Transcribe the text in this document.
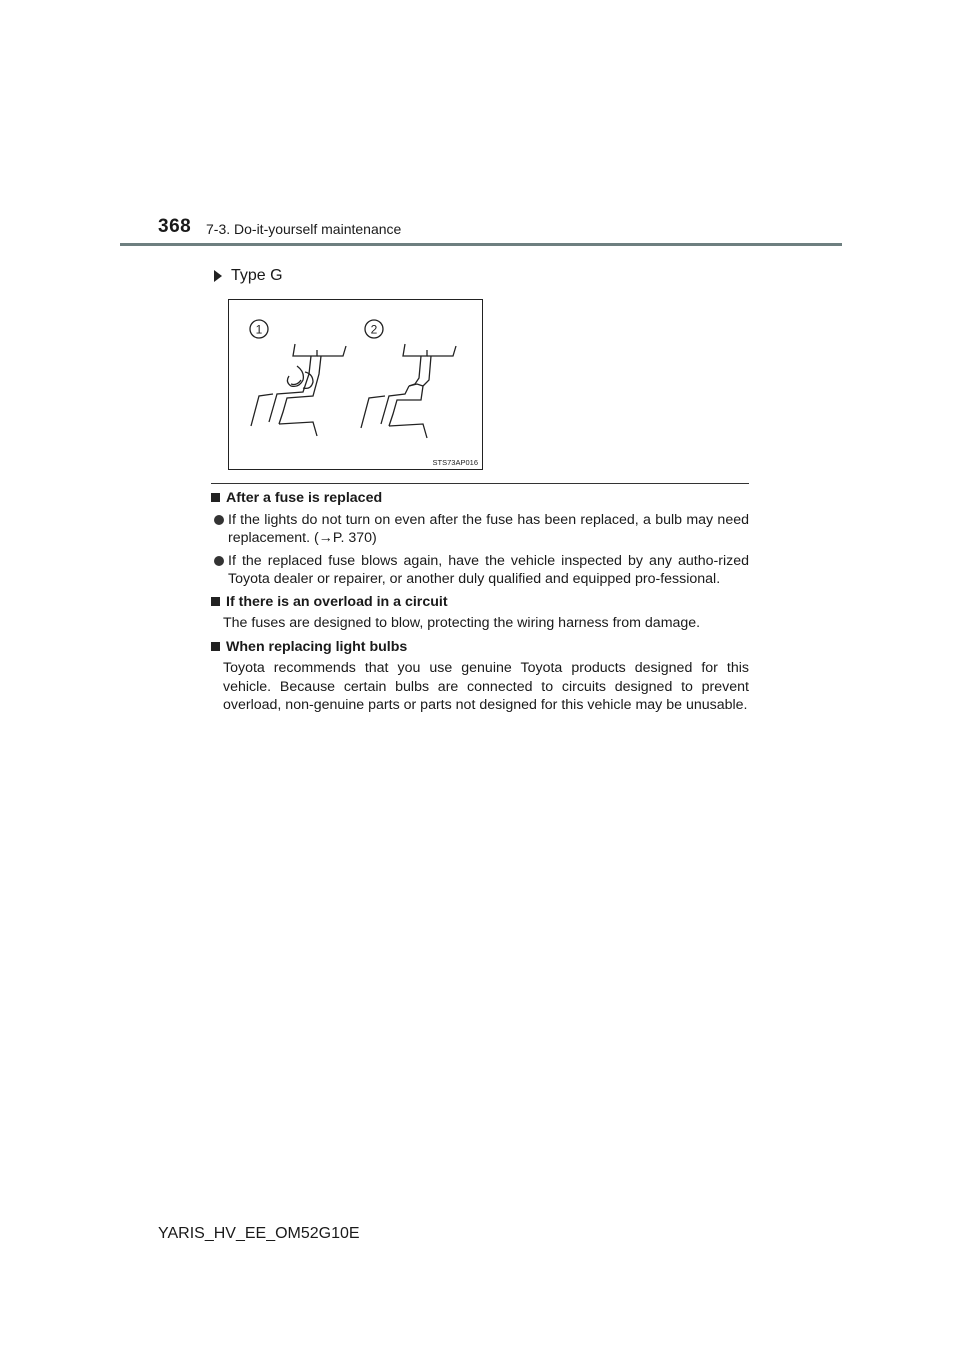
368 7-3. Do-it-yourself maintenance
Type G
1	2
STS73AP016
After a fuse is replaced
If the lights do not turn on even after the fuse has been replaced, a bulb may need replacement. (→P. 370)
If the replaced fuse blows again, have the vehicle inspected by any autho-rized Toyota dealer or repairer, or another duly qualified and equipped pro-fessional.
If there is an overload in a circuit
The fuses are designed to blow, protecting the wiring harness from damage.
When replacing light bulbs
Toyota recommends that you use genuine Toyota products designed for this vehicle. Because certain bulbs are connected to circuits designed to prevent overload, non-genuine parts or parts not designed for this vehicle may be unusable.
YARIS_HV_EE_OM52G10E
